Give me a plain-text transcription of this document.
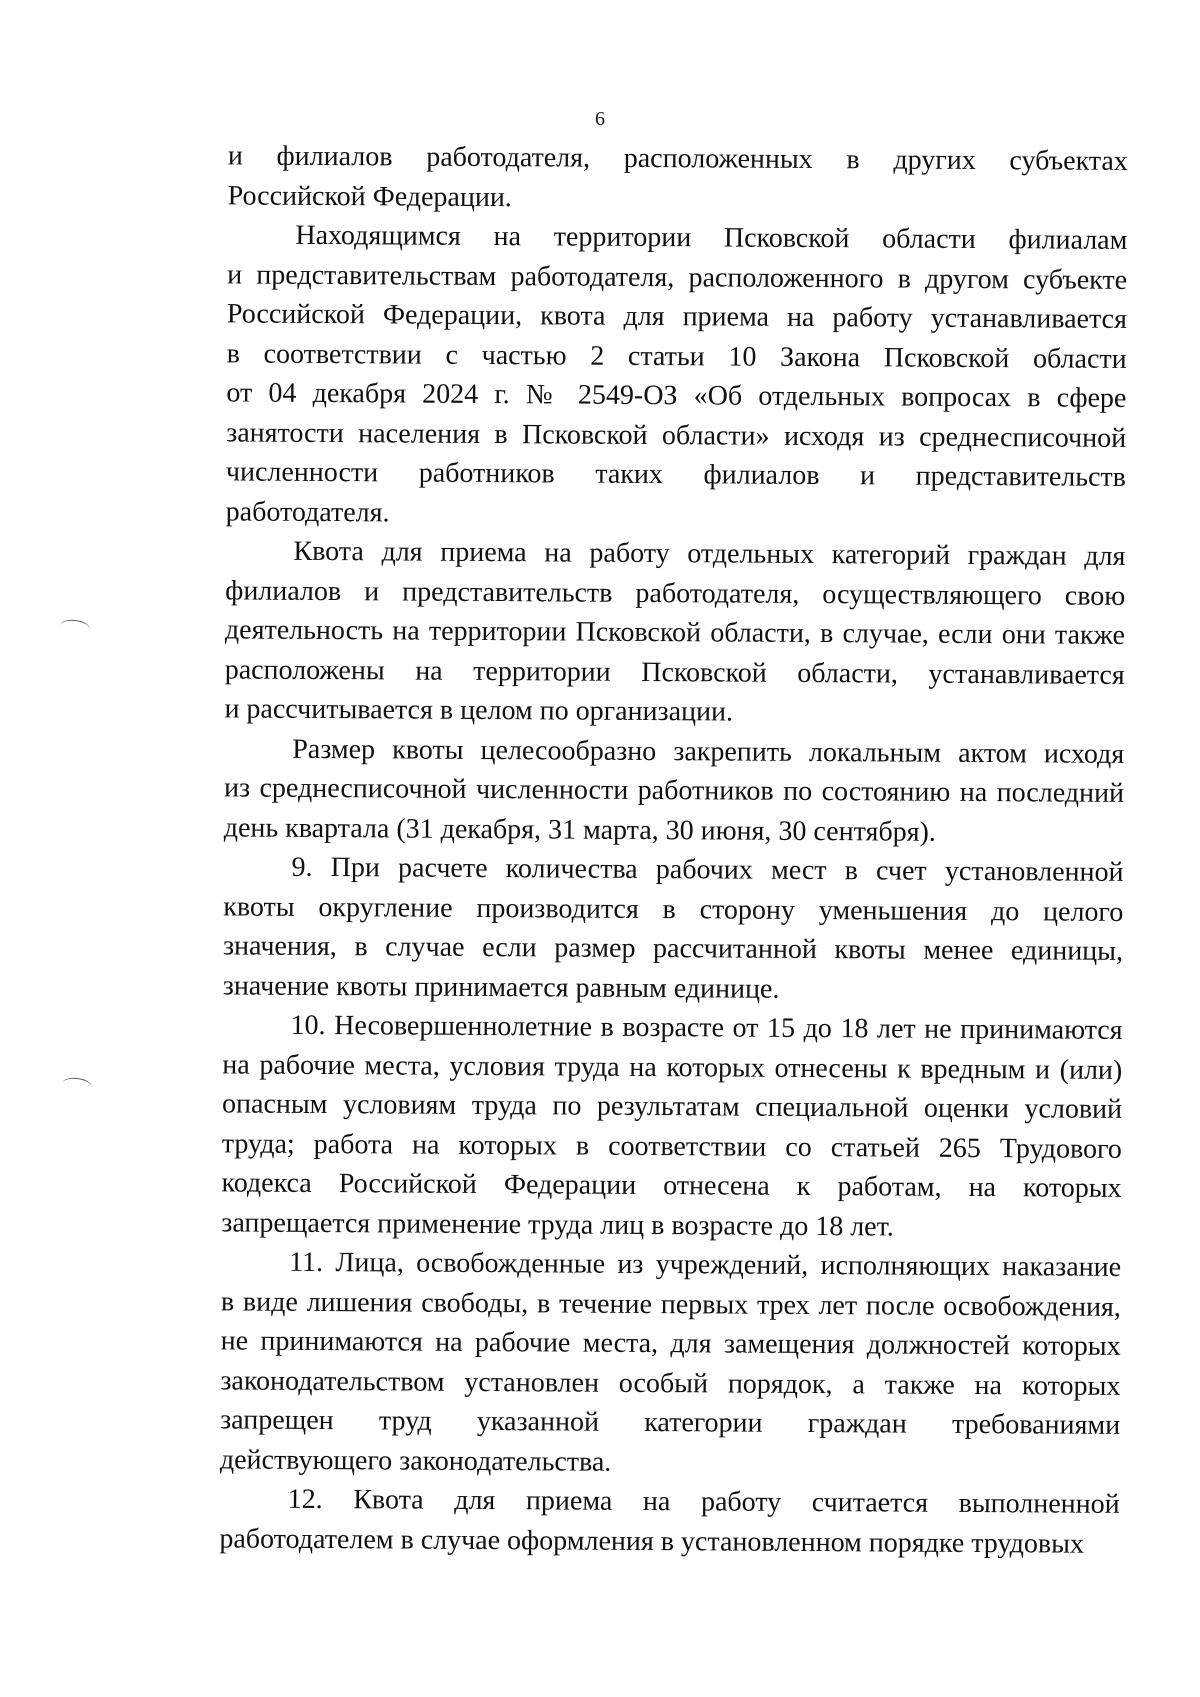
6
и филиалов работодателя, расположенных в других субъектах
Российской Федерации.
Находящимся на территории Псковской области филиалам
и представительствам работодателя, расположенного в другом субъекте
Российской Федерации, квота для приема на работу устанавливается
в соответствии с частью 2 статьи 10 Закона Псковской области
от 04 декабря 2024 г. № 2549-ОЗ «Об отдельных вопросах в сфере
занятости населения в Псковской области» исходя из среднесписочной
численности работников таких филиалов и представительств
работодателя.
Квота для приема на работу отдельных категорий граждан для
филиалов и представительств работодателя, осуществляющего свою
деятельность на территории Псковской области, в случае, если они также
расположены на территории Псковской области, устанавливается
и рассчитывается в целом по организации.
Размер квоты целесообразно закрепить локальным актом исходя
из среднесписочной численности работников по состоянию на последний
день квартала (31 декабря, 31 марта, 30 июня, 30 сентября).
9. При расчете количества рабочих мест в счет установленной
квоты округление производится в сторону уменьшения до целого
значения, в случае если размер рассчитанной квоты менее единицы,
значение квоты принимается равным единице.
10. Несовершеннолетние в возрасте от 15 до 18 лет не принимаются
на рабочие места, условия труда на которых отнесены к вредным и (или)
опасным условиям труда по результатам специальной оценки условий
труда; работа на которых в соответствии со статьей 265 Трудового
кодекса Российской Федерации отнесена к работам, на которых
запрещается применение труда лиц в возрасте до 18 лет.
11. Лица, освобожденные из учреждений, исполняющих наказание
в виде лишения свободы, в течение первых трех лет после освобождения,
не принимаются на рабочие места, для замещения должностей которых
законодательством установлен особый порядок, а также на которых
запрещен труд указанной категории граждан требованиями
действующего законодательства.
12. Квота для приема на работу считается выполненной
работодателем в случае оформления в установленном порядке трудовых
